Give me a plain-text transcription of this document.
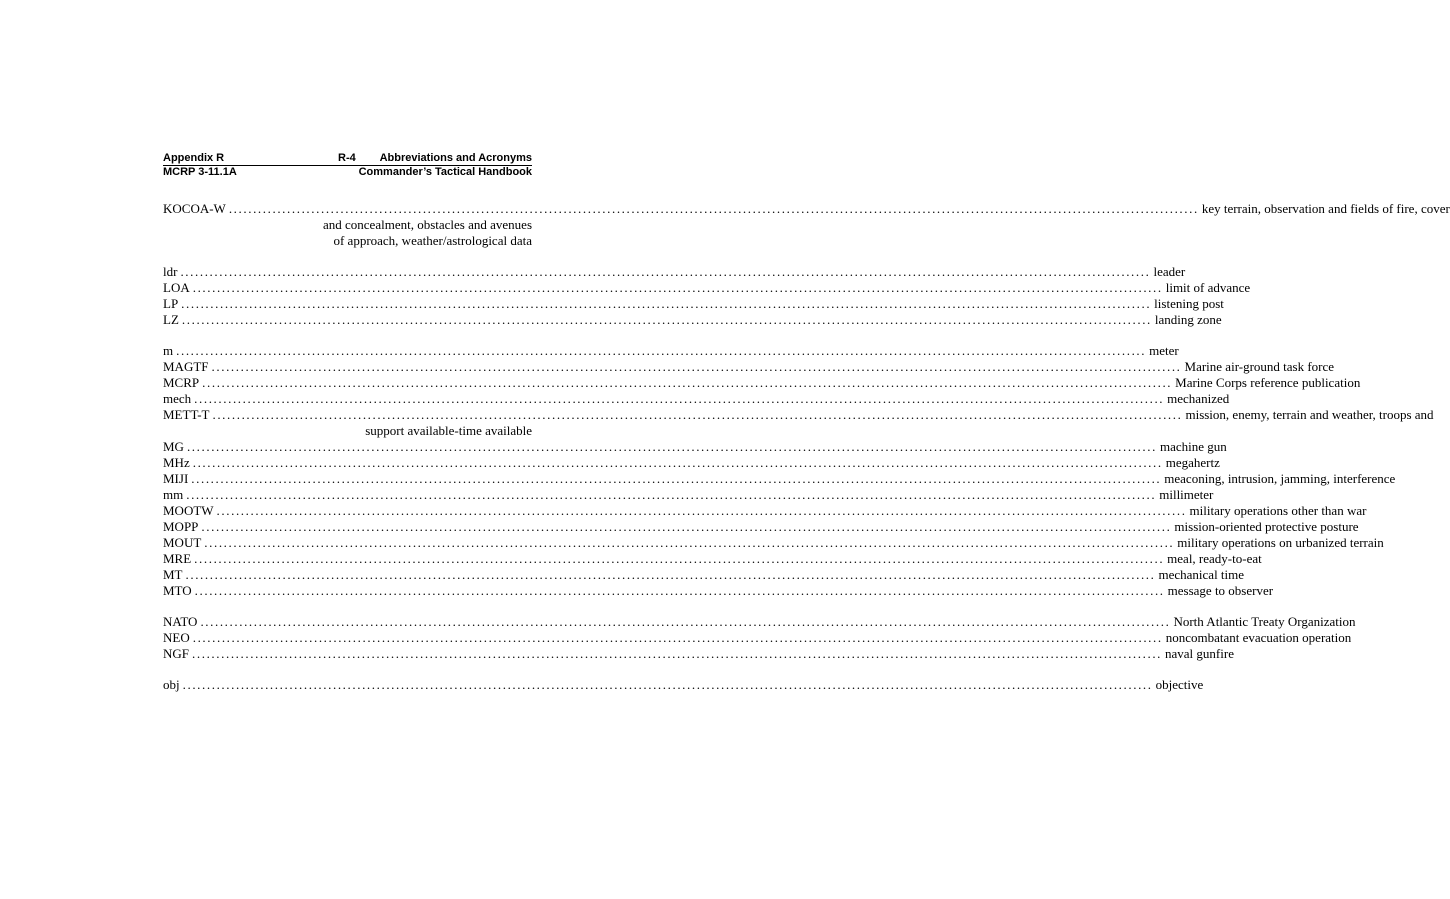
Appendix R	R-4 Abbreviations and Acronyms
MCRP 3-11.1A	Commander’s Tactical Handbook
KOCOA-W ........................................................................................................................................................................................................ key terrain, observation and fields of fire, cover
and concealment, obstacles and avenues
of approach, weather/astrological data
ldr ........................................................................................................................................................................................................ leader
LOA ........................................................................................................................................................................................................ limit of advance
LP ........................................................................................................................................................................................................ listening post
LZ ........................................................................................................................................................................................................ landing zone
m ........................................................................................................................................................................................................ meter
MAGTF ........................................................................................................................................................................................................ Marine air-ground task force
MCRP ........................................................................................................................................................................................................ Marine Corps reference publication
mech ........................................................................................................................................................................................................ mechanized
METT-T ........................................................................................................................................................................................................ mission, enemy, terrain and weather, troops and
support available-time available
MG ........................................................................................................................................................................................................ machine gun
MHz ........................................................................................................................................................................................................ megahertz
MIJI ........................................................................................................................................................................................................ meaconing, intrusion, jamming, interference
mm ........................................................................................................................................................................................................ millimeter
MOOTW ........................................................................................................................................................................................................ military operations other than war
MOPP ........................................................................................................................................................................................................ mission-oriented protective posture
MOUT ........................................................................................................................................................................................................ military operations on urbanized terrain
MRE ........................................................................................................................................................................................................ meal, ready-to-eat
MT ........................................................................................................................................................................................................ mechanical time
MTO ........................................................................................................................................................................................................ message to observer
NATO ........................................................................................................................................................................................................ North Atlantic Treaty Organization
NEO ........................................................................................................................................................................................................ noncombatant evacuation operation
NGF ........................................................................................................................................................................................................ naval gunfire
obj ........................................................................................................................................................................................................ objective
